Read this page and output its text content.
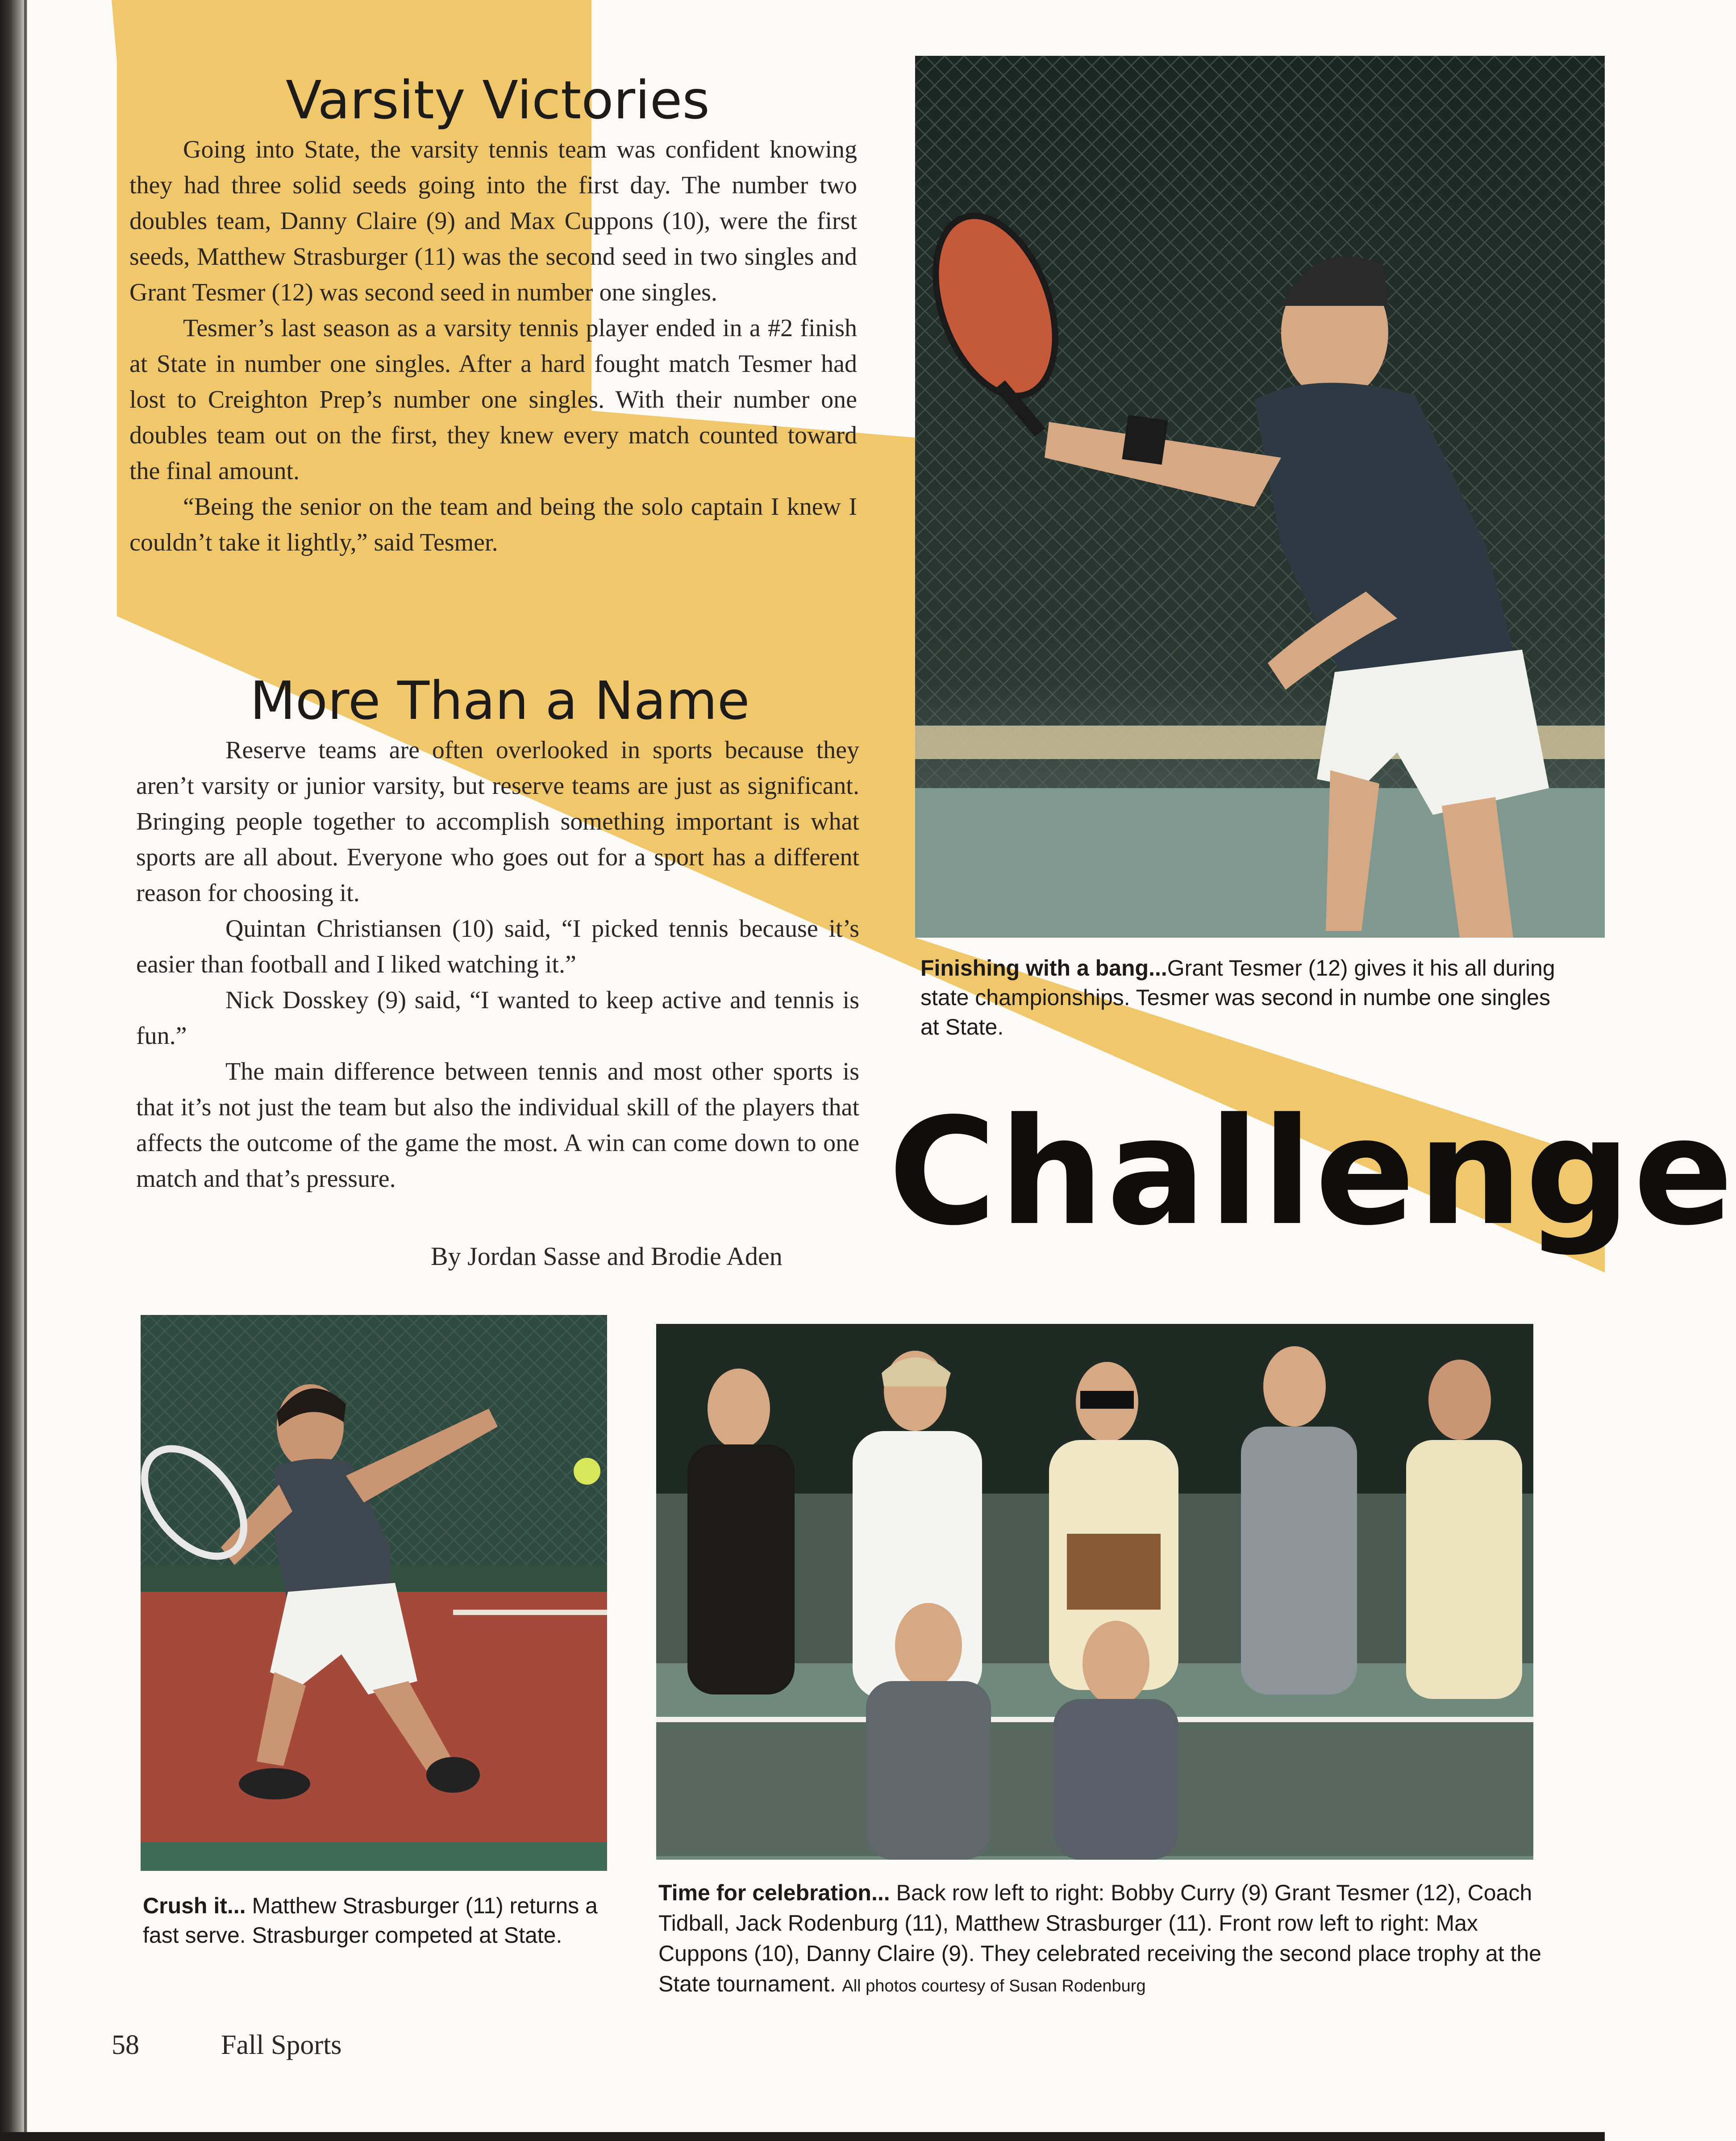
Varsity Victories

Going into State, the varsity tennis team was confident knowing they had three solid seeds going into the first day. The number two doubles team, Danny Claire (9) and Max Cuppons (10), were the first seeds, Matthew Strasburger (11) was the second seed in two singles and Grant Tesmer (12) was second seed in number one singles.

Tesmer’s last season as a varsity tennis player ended in a #2 finish at State in number one singles. After a hard fought match Tesmer had lost to Creighton Prep’s number one singles. With their number one doubles team out on the first, they knew every match counted toward the final amount.

“Being the senior on the team and being the solo captain I knew I couldn’t take it lightly,” said Tesmer.

More Than a Name

Reserve teams are often overlooked in sports because they aren’t varsity or junior varsity, but reserve teams are just as significant. Bringing people together to accomplish something important is what sports are all about. Everyone who goes out for a sport has a different reason for choosing it.

Quintan Christiansen (10) said, “I picked tennis because it’s easier than football and I liked watching it.”

Nick Dosskey (9) said, “I wanted to keep active and tennis is fun.”

The main difference between tennis and most other sports is that it’s not just the team but also the individual skill of the players that affects the outcome of the game the most. A win can come down to one match and that’s pressure.

By Jordan Sasse and Brodie Aden

Finishing with a bang...Grant Tesmer (12) gives it his all during state championships. Tesmer was second in numbe one singles at State.

Challenge

Crush it... Matthew Strasburger (11) returns a fast serve. Strasburger competed at State.

Time for celebration... Back row left to right: Bobby Curry (9) Grant Tesmer (12), Coach Tidball, Jack Rodenburg (11), Matthew Strasburger (11). Front row left to right: Max Cuppons (10), Danny Claire (9). They celebrated receiving the second place trophy at the State tournament. All photos courtesy of Susan Rodenburg

58	Fall Sports
